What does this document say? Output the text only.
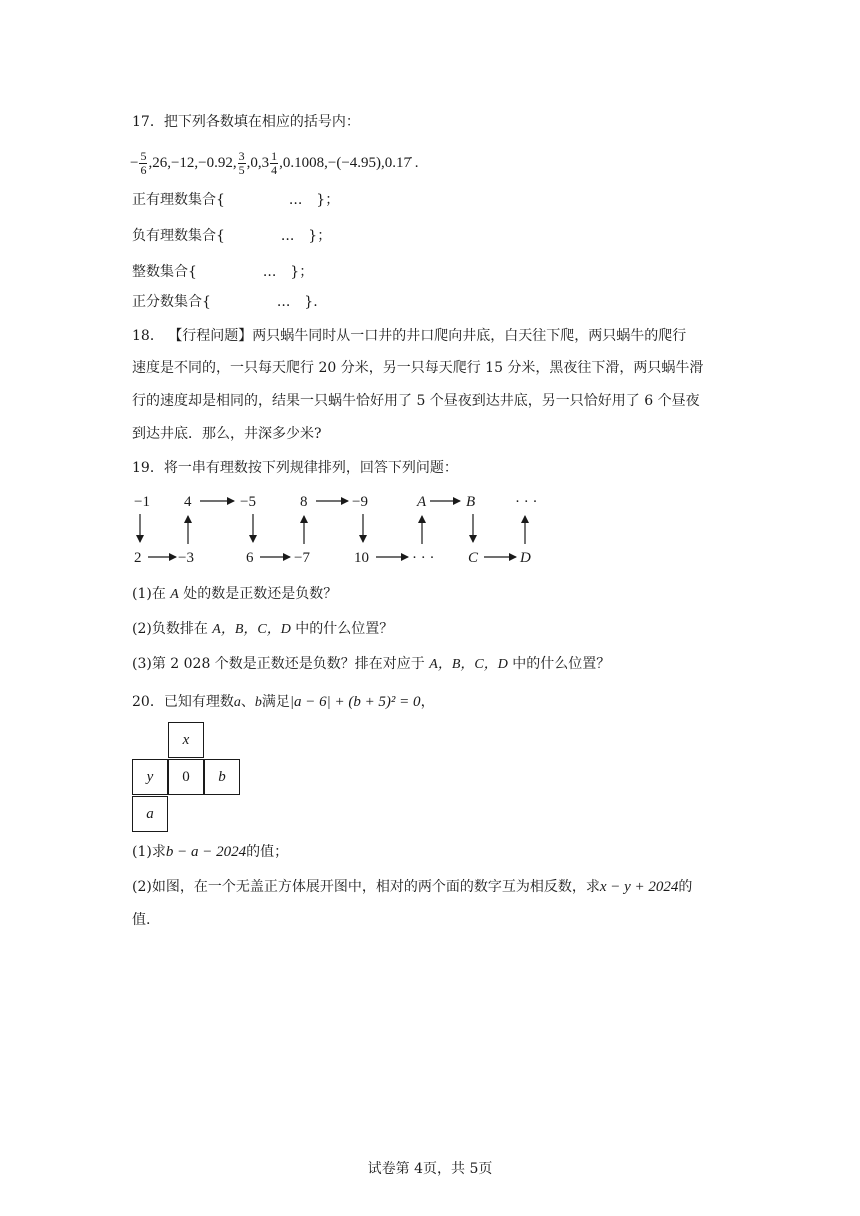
17．把下列各数填在相应的括号内：
− $\frac{5}{6} ,26,-12,-0.92$, $\frac{3}{5} ,0,3 \frac{1}{4}$ ,0.1008,−(−4.95),0.17̇ .
正有理数集合{	... }；
负有理数集合{	... }；
整数集合{	... }；
正分数集合{	... }.
18． 【行程问题】两只蜗牛同时从一口井的井口爬向井底，白天往下爬，两只蜗牛的爬行
速度是不同的，一只每天爬行 20 分米，另一只每天爬行 15 分米，黑夜往下滑，两只蜗牛滑
行的速度却是相同的，结果一只蜗牛恰好用了 5 个昼夜到达井底，另一只恰好用了 6 个昼夜
到达井底．那么，井深多少米?
19．将一串有理数按下列规律排列，回答下列问题：
−1 4	−5	8	−9	A	B	· · ·
2 −3	6	−7	10	· · · C	D
(1)在 A 处的数是正数还是负数？
(2)负数排在 A，B，C，D 中的什么位置？
(3)第 2 028 个数是正数还是负数？排在对应于 A，B，C，D 中的什么位置？
20．已知有理数a、b满足|a − 6| + (b + 5)² = 0，
x
y	0	b
a
(1)求b − a − 2024的值；
(2)如图，在一个无盖正方体展开图中，相对的两个面的数字互为相反数，求x − y + 2024的
值.
试卷第 4页，共 5页
